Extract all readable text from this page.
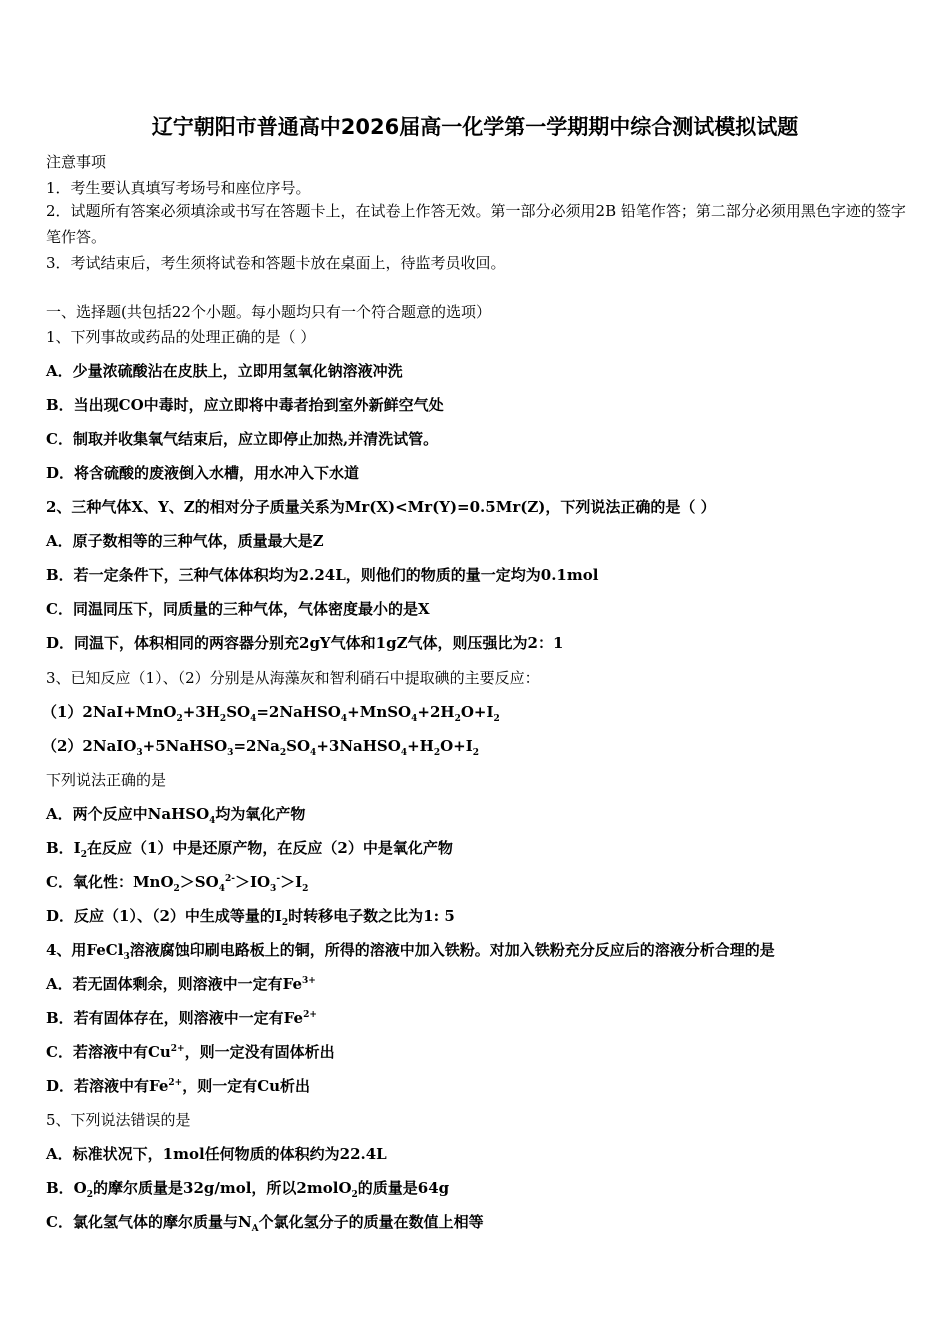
辽宁朝阳市普通高中2026届高一化学第一学期期中综合测试模拟试题
注意事项
1．考生要认真填写考场号和座位序号。
2．试题所有答案必须填涂或书写在答题卡上，在试卷上作答无效。第一部分必须用2B 铅笔作答；第二部分必须用黑色字迹的签字笔作答。
3．考试结束后，考生须将试卷和答题卡放在桌面上，待监考员收回。
一、选择题(共包括22个小题。每小题均只有一个符合题意的选项）
1、下列事故或药品的处理正确的是（ ）
A．少量浓硫酸沾在皮肤上，立即用氢氧化钠溶液冲洗
B．当出现CO中毒时，应立即将中毒者抬到室外新鲜空气处
C．制取并收集氧气结束后，应立即停止加热,并清洗试管。
D．将含硫酸的废液倒入水槽，用水冲入下水道
2、三种气体X、Y、Z的相对分子质量关系为Mr(X)<Mr(Y)=0.5Mr(Z)，下列说法正确的是（ ）
A．原子数相等的三种气体，质量最大是Z
B．若一定条件下，三种气体体积均为2.24L，则他们的物质的量一定均为0.1mol
C．同温同压下，同质量的三种气体，气体密度最小的是X
D．同温下，体积相同的两容器分别充2gY气体和1gZ气体，则压强比为2：1
3、已知反应（1）、（2）分别是从海藻灰和智利硝石中提取碘的主要反应：
$(1)2NaI+MnO_2+3H_2SO_4=2NaHSO_4+MnSO_4+2H_2O+I_2$
$(2)2NaIO_3+5NaHSO_3=2Na_2SO_4+3NaHSO_4+H_2O+I_2$
下列说法正确的是
A．两个反应中NaHSO$_4$均为氧化产物
B．$I_2$在反应（1）中是还原产物，在反应（2）中是氧化产物
C．氧化性：$MnO_2>SO_4^{2-}>IO_3^->I_2$
D．反应（1）、（2）中生成等量的$I_2$时转移电子数之比为1: 5
4、用FeCl$_3$溶液腐蚀印刷电路板上的铜，所得的溶液中加入铁粉。对加入铁粉充分反应后的溶液分析合理的是
A．若无固体剩余，则溶液中一定有$Fe^{3+}$
B．若有固体存在，则溶液中一定有$Fe^{2+}$
C．若溶液中有$Cu^{2+}$，则一定没有固体析出
D．若溶液中有$Fe^{2+}$，则一定有Cu析出
5、下列说法错误的是
A．标准状况下，1mol任何物质的体积约为22.4L
B．$O_2$的摩尔质量是32g/mol，所以2molO$_2$的质量是64g
C．氯化氢气体的摩尔质量与$N_A$个氯化氢分子的质量在数值上相等
